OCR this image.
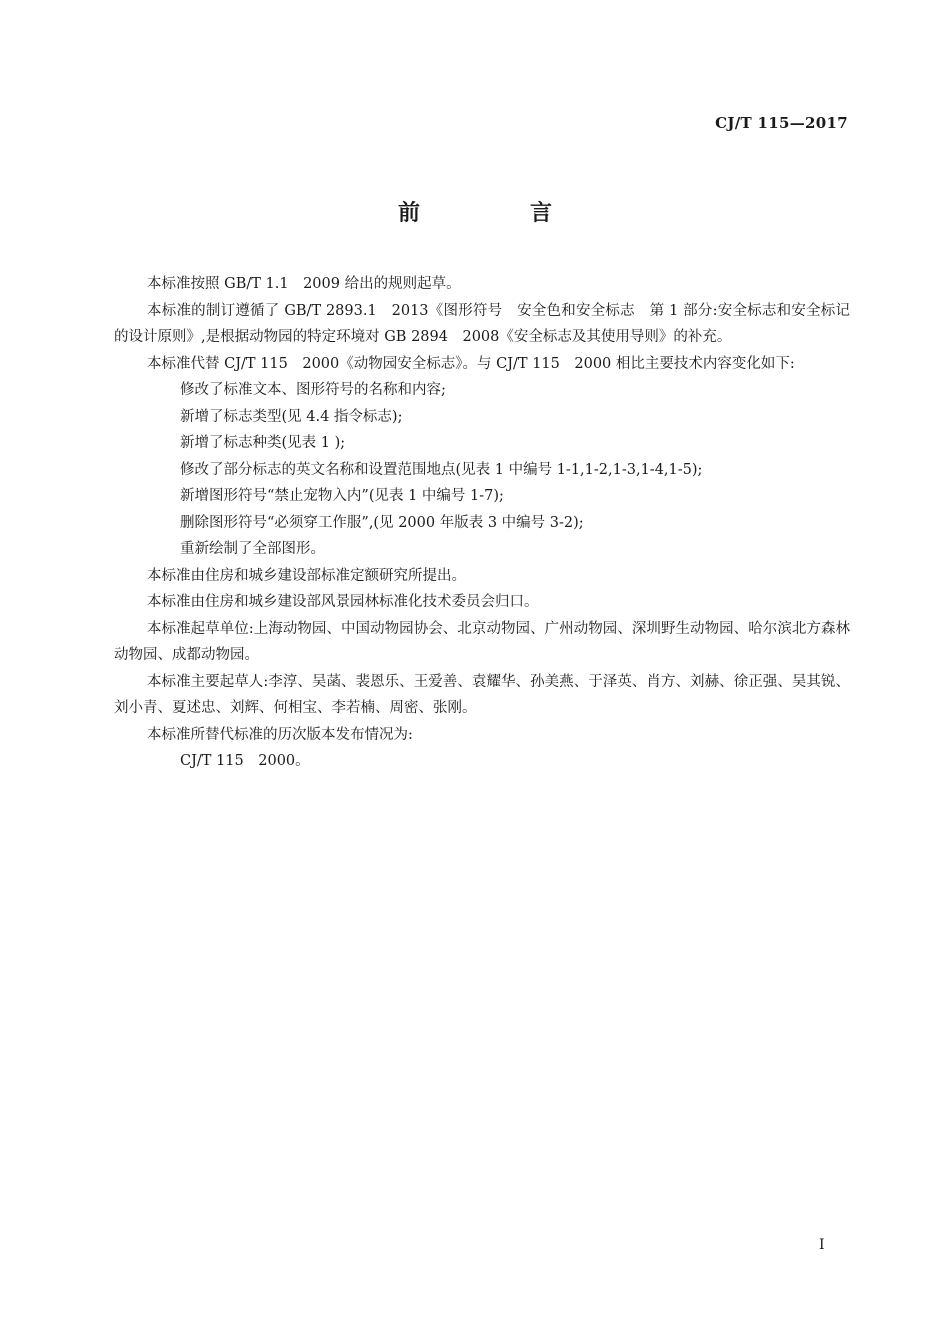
CJ/T 115—2017
前　言

本标准按照 GB/T 1.1　2009 给出的规则起草。

本标准的制订遵循了 GB/T 2893.1　2013《图形符号　安全色和安全标志　第 1 部分:安全标志和安全标记的设计原则》,是根据动物园的特定环境对 GB 2894　2008《安全标志及其使用导则》的补充。

本标准代替 CJ/T 115　2000《动物园安全标志》。与 CJ/T 115　2000 相比主要技术内容变化如下:

修改了标准文本、图形符号的名称和内容;

新增了标志类型(见 4.4 指令标志);

新增了标志种类(见表 1 );

修改了部分标志的英文名称和设置范围地点(见表 1 中编号 1-1,1-2,1-3,1-4,1-5);

新增图形符号“禁止宠物入内”(见表 1 中编号 1-7);

删除图形符号“必须穿工作服”,(见 2000 年版表 3 中编号 3-2);

重新绘制了全部图形。

本标准由住房和城乡建设部标准定额研究所提出。

本标准由住房和城乡建设部风景园林标准化技术委员会归口。

本标准起草单位:上海动物园、中国动物园协会、北京动物园、广州动物园、深圳野生动物园、哈尔滨北方森林动物园、成都动物园。

本标准主要起草人:李淳、吴菡、裴恩乐、王爱善、袁耀华、孙美燕、于泽英、肖方、刘赫、徐正强、吴其锐、刘小青、夏述忠、刘辉、何相宝、李若楠、周密、张刚。

本标准所替代标准的历次版本发布情况为:

CJ/T 115　2000。

I
